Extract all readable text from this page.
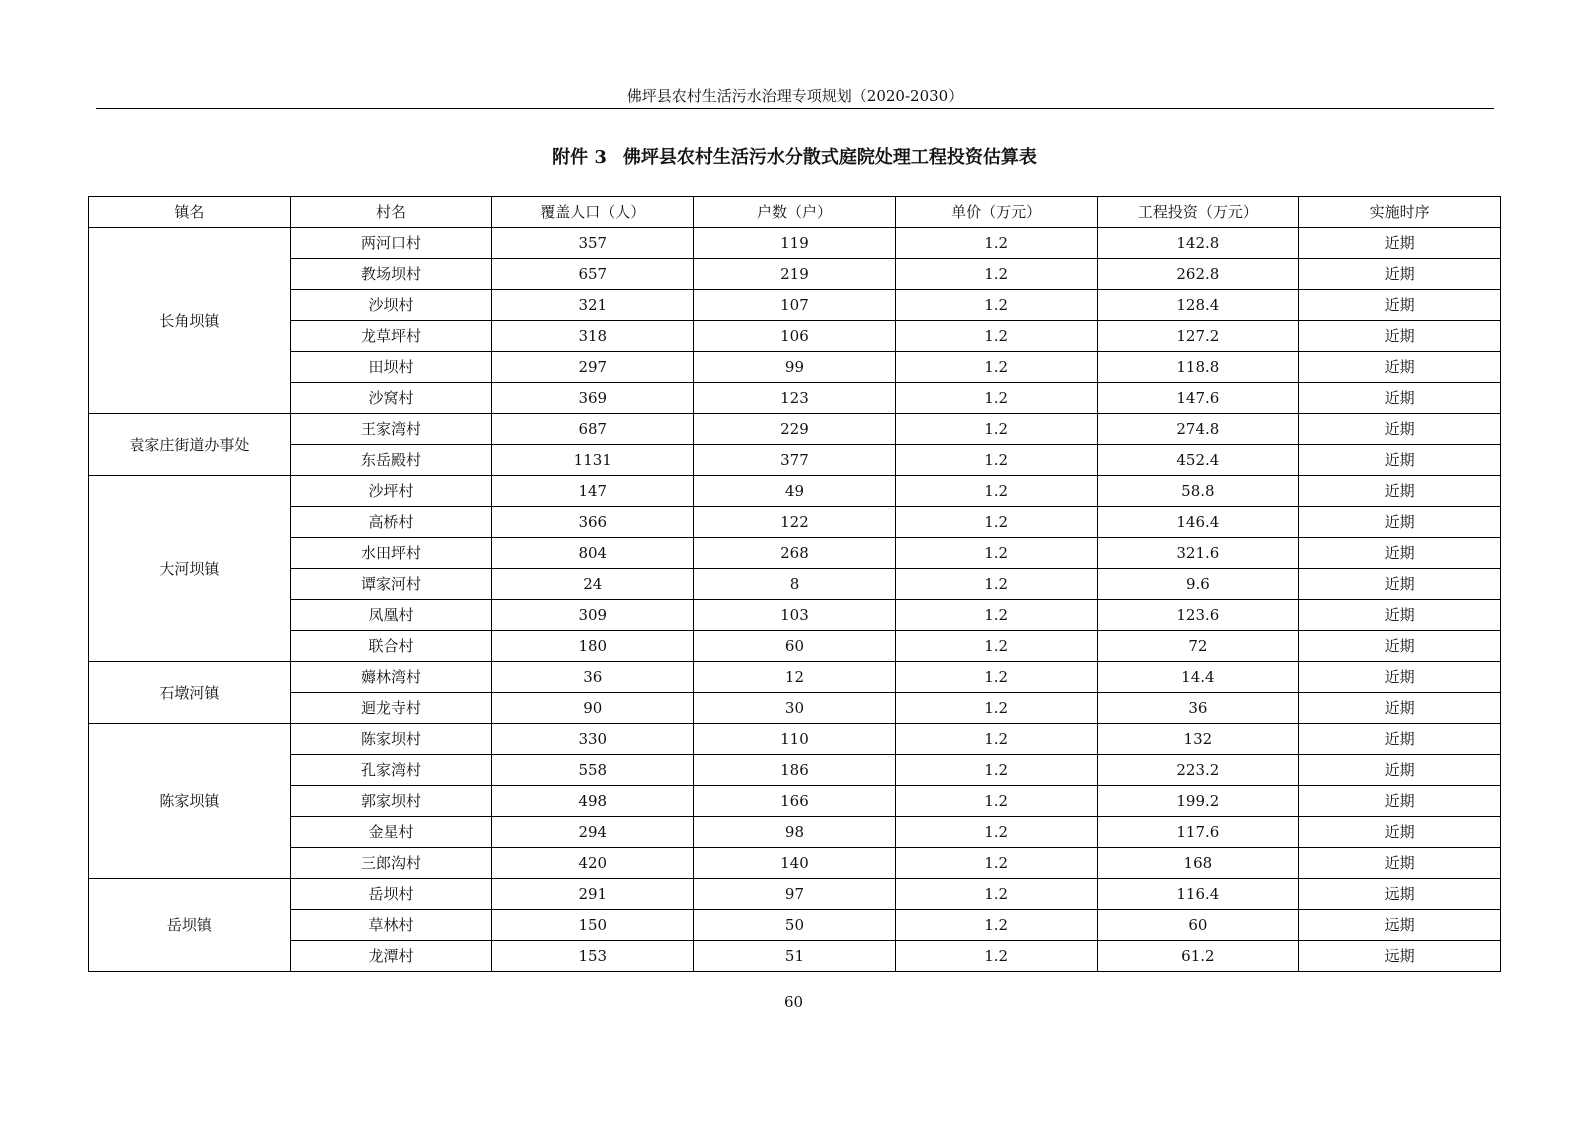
佛坪县农村生活污水治理专项规划（2020-2030）
附件 3 佛坪县农村生活污水分散式庭院处理工程投资估算表
镇名	村名	覆盖人口（人）	户数（户）	单价（万元）	工程投资（万元）	实施时序
长角坝镇	两河口村	357	119	1.2	142.8	近期
	教场坝村	657	219	1.2	262.8	近期
	沙坝村	321	107	1.2	128.4	近期
	龙草坪村	318	106	1.2	127.2	近期
	田坝村	297	99	1.2	118.8	近期
	沙窝村	369	123	1.2	147.6	近期
袁家庄街道办事处	王家湾村	687	229	1.2	274.8	近期
	东岳殿村	1131	377	1.2	452.4	近期
大河坝镇	沙坪村	147	49	1.2	58.8	近期
	高桥村	366	122	1.2	146.4	近期
	水田坪村	804	268	1.2	321.6	近期
	谭家河村	24	8	1.2	9.6	近期
	凤凰村	309	103	1.2	123.6	近期
	联合村	180	60	1.2	72	近期
石墩河镇	薅林湾村	36	12	1.2	14.4	近期
	迴龙寺村	90	30	1.2	36	近期
陈家坝镇	陈家坝村	330	110	1.2	132	近期
	孔家湾村	558	186	1.2	223.2	近期
	郭家坝村	498	166	1.2	199.2	近期
	金星村	294	98	1.2	117.6	近期
	三郎沟村	420	140	1.2	168	近期
岳坝镇	岳坝村	291	97	1.2	116.4	远期
	草林村	150	50	1.2	60	远期
	龙潭村	153	51	1.2	61.2	远期
60
